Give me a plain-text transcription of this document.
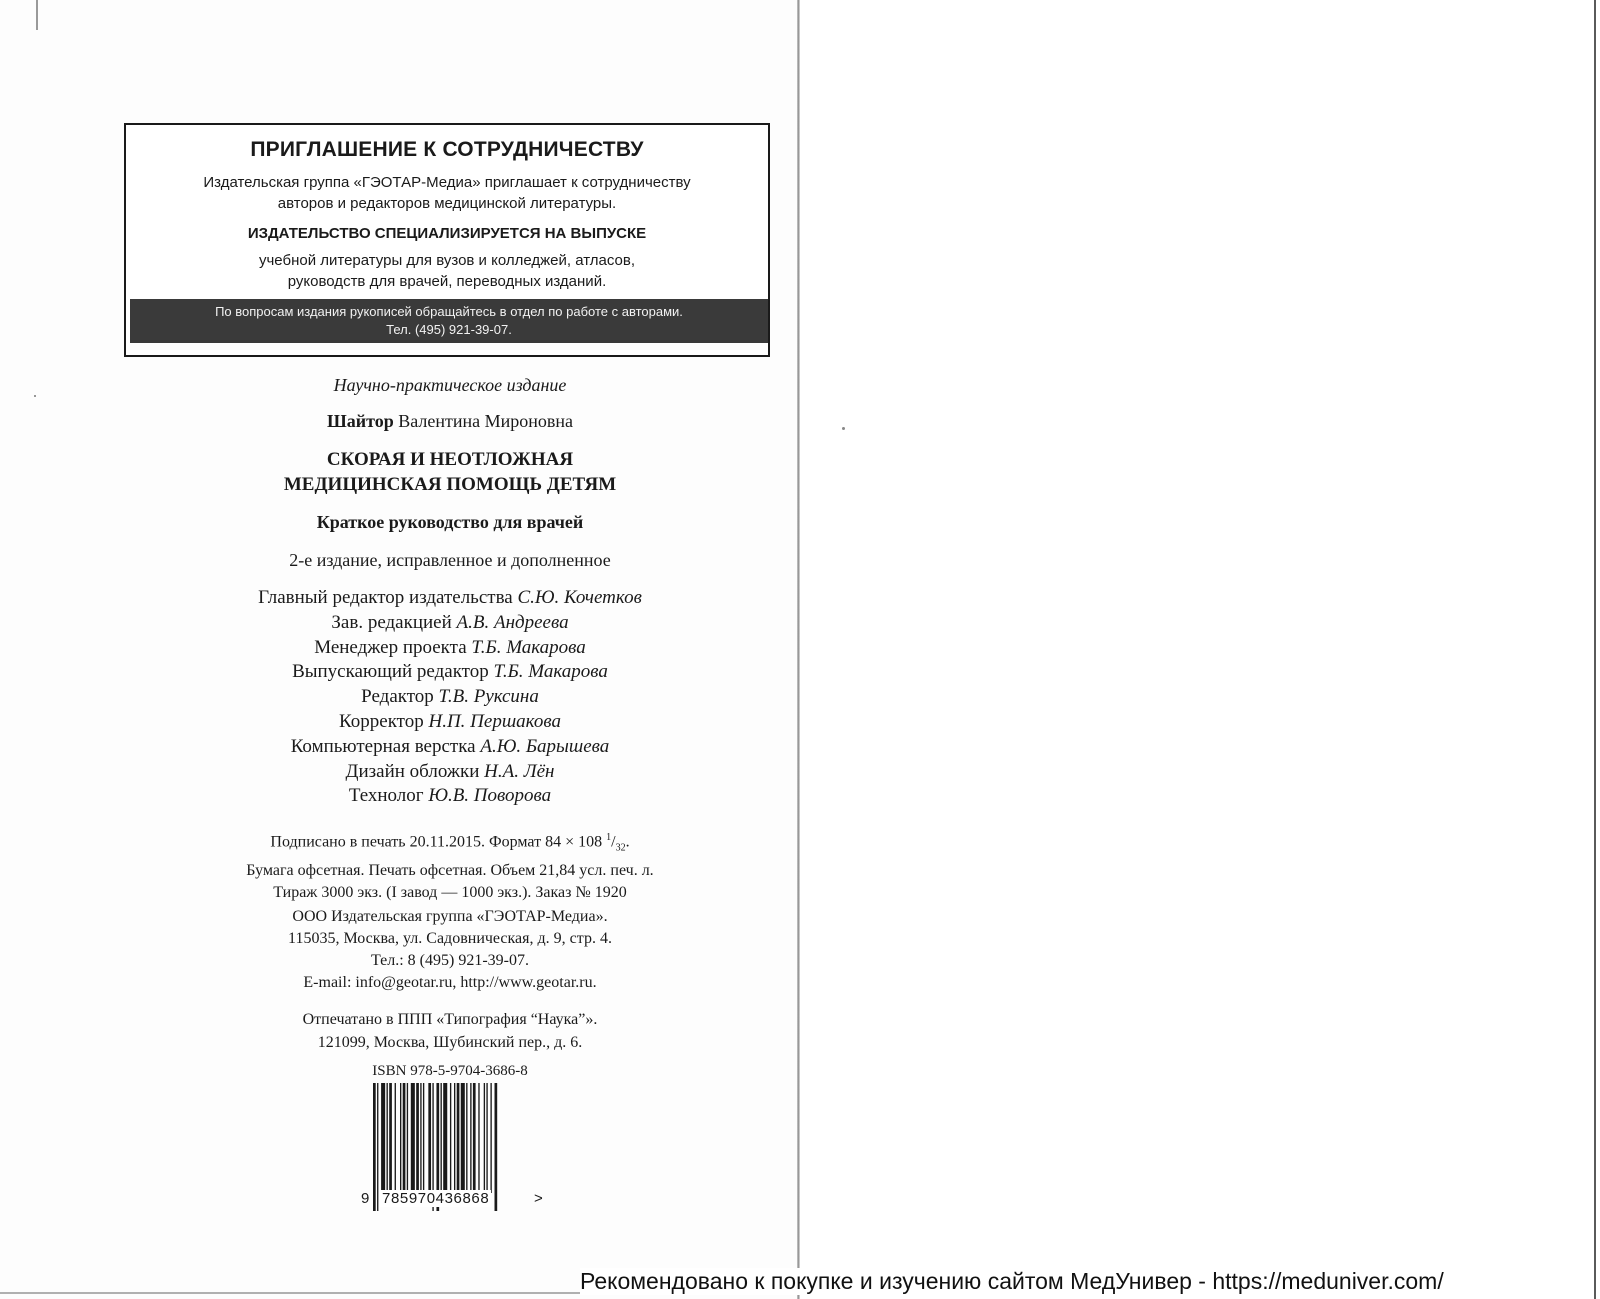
ПРИГЛАШЕНИЕ К СОТРУДНИЧЕСТВУ
Издательская группа «ГЭОТАР-Медиа» приглашает к сотрудничеству
авторов и редакторов медицинской литературы.
ИЗДАТЕЛЬСТВО СПЕЦИАЛИЗИРУЕТСЯ НА ВЫПУСКЕ
учебной литературы для вузов и колледжей, атласов,
руководств для врачей, переводных изданий.
По вопросам издания рукописей обращайтесь в отдел по работе с авторами.
Тел. (495) 921-39-07.
Научно-практическое издание
Шайтор Валентина Мироновна
СКОРАЯ И НЕОТЛОЖНАЯ
МЕДИЦИНСКАЯ ПОМОЩЬ ДЕТЯМ
Краткое руководство для врачей
2-е издание, исправленное и дополненное
Главный редактор издательства С.Ю. Кочетков
Зав. редакцией А.В. Андреева
Менеджер проекта Т.Б. Макарова
Выпускающий редактор Т.Б. Макарова
Редактор Т.В. Руксина
Корректор Н.П. Першакова
Компьютерная верстка А.Ю. Барышева
Дизайн обложки Н.А. Лён
Технолог Ю.В. Поворова
Подписано в печать 20.11.2015. Формат 84 × 108 $^1/_{32}$.
Бумага офсетная. Печать офсетная. Объем 21,84 усл. печ. л.
Тираж 3000 экз. (I завод — 1000 экз.). Заказ № 1920
ООО Издательская группа «ГЭОТАР-Медиа».
115035, Москва, ул. Садовническая, д. 9, стр. 4.
Тел.: 8 (495) 921-39-07.
E-mail: info@geotar.ru, http://www.geotar.ru.
Отпечатано в ППП «Типография “Наука”».
121099, Москва, Шубинский пер., д. 6.
ISBN 978-5-9704-3686-8
9 785970436868	>
Рекомендовано к покупке и изучению сайтом МедУнивер - https://meduniver.com/
